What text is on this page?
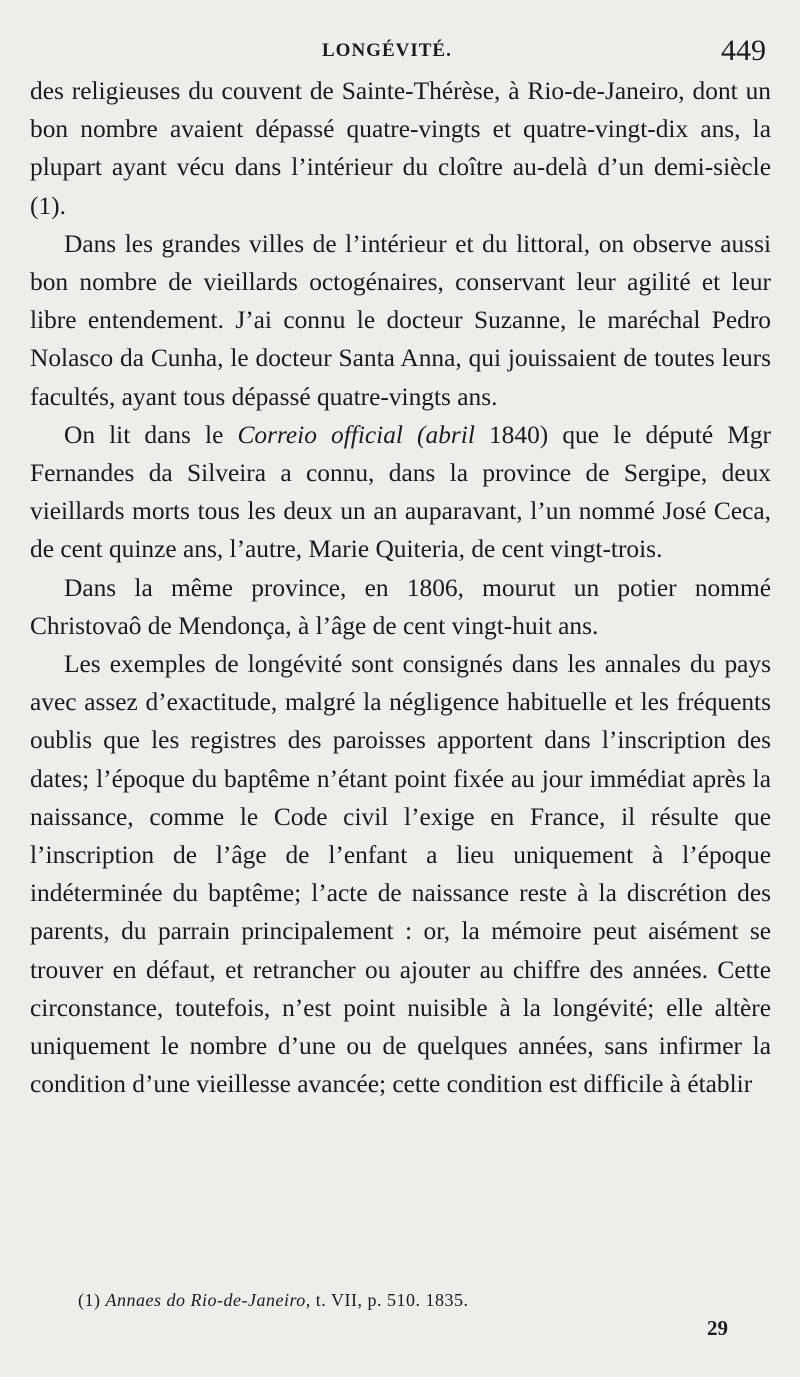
LONGÉVITÉ.	449

des religieuses du couvent de Sainte-Thérèse, à Rio-de-Janeiro, dont un bon nombre avaient dépassé quatre-vingts et quatre-vingt-dix ans, la plupart ayant vécu dans l’intérieur du cloître au-delà d’un demi-siècle (1).

Dans les grandes villes de l’intérieur et du littoral, on observe aussi bon nombre de vieillards octogénaires, conservant leur agilité et leur libre entendement. J’ai connu le docteur Suzanne, le maréchal Pedro Nolasco da Cunha, le docteur Santa Anna, qui jouissaient de toutes leurs facultés, ayant tous dépassé quatre-vingts ans.

On lit dans le Correio official (abril 1840) que le député Mgr Fernandes da Silveira a connu, dans la province de Sergipe, deux vieillards morts tous les deux un an auparavant, l’un nommé José Ceca, de cent quinze ans, l’autre, Marie Quiteria, de cent vingt-trois.

Dans la même province, en 1806, mourut un potier nommé Christovaô de Mendonça, à l’âge de cent vingt-huit ans.

Les exemples de longévité sont consignés dans les annales du pays avec assez d’exactitude, malgré la négligence habituelle et les fréquents oublis que les registres des paroisses apportent dans l’inscription des dates; l’époque du baptême n’étant point fixée au jour immédiat après la naissance, comme le Code civil l’exige en France, il résulte que l’inscription de l’âge de l’enfant a lieu uniquement à l’époque indéterminée du baptême; l’acte de naissance reste à la discrétion des parents, du parrain principalement : or, la mémoire peut aisément se trouver en défaut, et retrancher ou ajouter au chiffre des années. Cette circonstance, toutefois, n’est point nuisible à la longévité; elle altère uniquement le nombre d’une ou de quelques années, sans infirmer la condition d’une vieillesse avancée; cette condition est difficile à établir

(1) Annaes do Rio-de-Janeiro, t. VII, p. 510. 1835.
29
